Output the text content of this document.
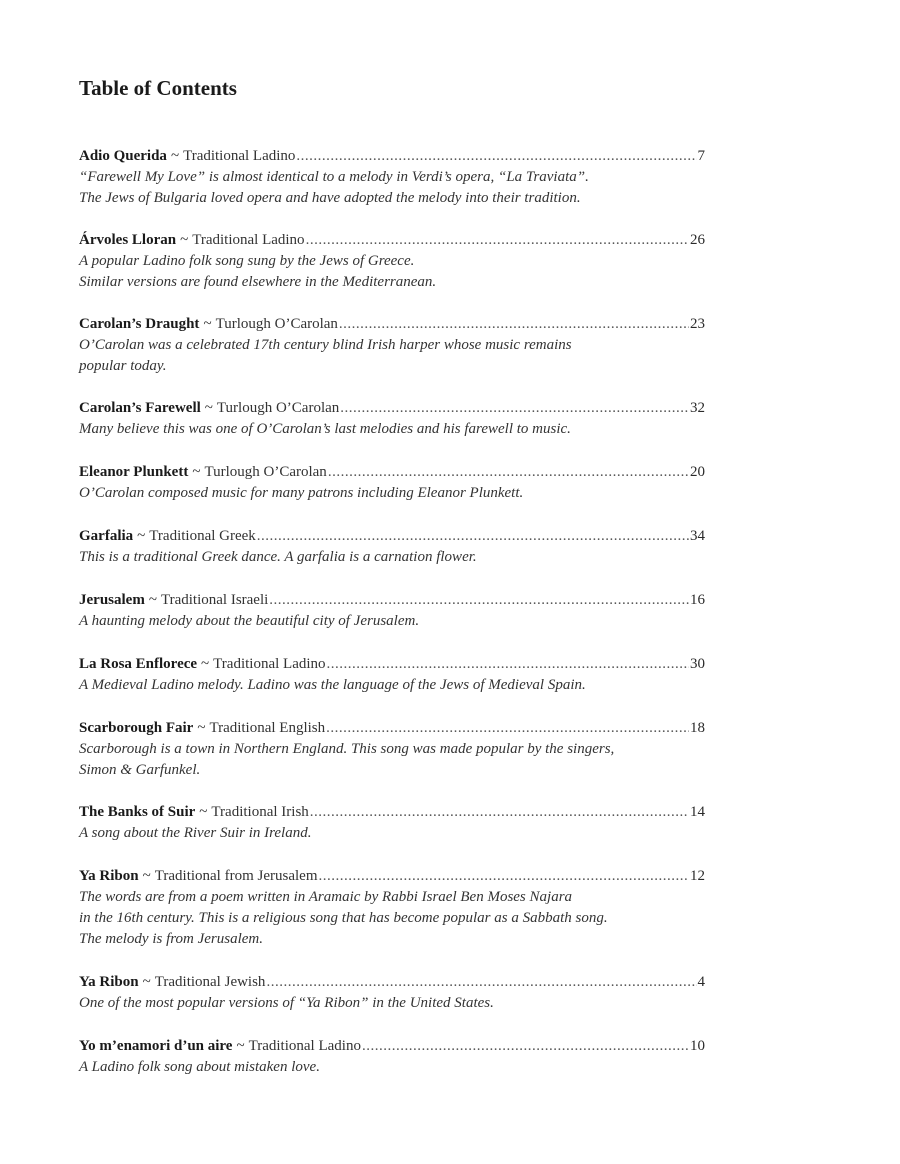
Table of Contents
Adio Querida ~ Traditional Ladino .....	7
“Farewell My Love” is almost identical to a melody in Verdi’s opera, “La Traviata”.
The Jews of Bulgaria loved opera and have adopted the melody into their tradition.
Árvoles Lloran ~ Traditional Ladino .....	26
A popular Ladino folk song sung by the Jews of Greece.
Similar versions are found elsewhere in the Mediterranean.
Carolan’s Draught ~ Turlough O’Carolan .....	23
O’Carolan was a celebrated 17th century blind Irish harper whose music remains
popular today.
Carolan’s Farewell ~ Turlough O’Carolan .....	32
Many believe this was one of O’Carolan’s last melodies and his farewell to music.
Eleanor Plunkett ~ Turlough O’Carolan .....	20
O’Carolan composed music for many patrons including Eleanor Plunkett.
Garfalia ~ Traditional Greek .....	34
This is a traditional Greek dance. A garfalia is a carnation flower.
Jerusalem ~ Traditional Israeli .....	16
A haunting melody about the beautiful city of Jerusalem.
La Rosa Enflorece ~ Traditional Ladino .....	30
A Medieval Ladino melody. Ladino was the language of the Jews of Medieval Spain.
Scarborough Fair ~ Traditional English .....	18
Scarborough is a town in Northern England. This song was made popular by the singers,
Simon & Garfunkel.
The Banks of Suir ~ Traditional Irish .....	14
A song about the River Suir in Ireland.
Ya Ribon ~ Traditional from Jerusalem .....	12
The words are from a poem written in Aramaic by Rabbi Israel Ben Moses Najara
in the 16th century. This is a religious song that has become popular as a Sabbath song.
The melody is from Jerusalem.
Ya Ribon ~ Traditional Jewish .....	4
One of the most popular versions of “Ya Ribon” in the United States.
Yo m’enamori d’un aire ~ Traditional Ladino .....	10
A Ladino folk song about mistaken love.
